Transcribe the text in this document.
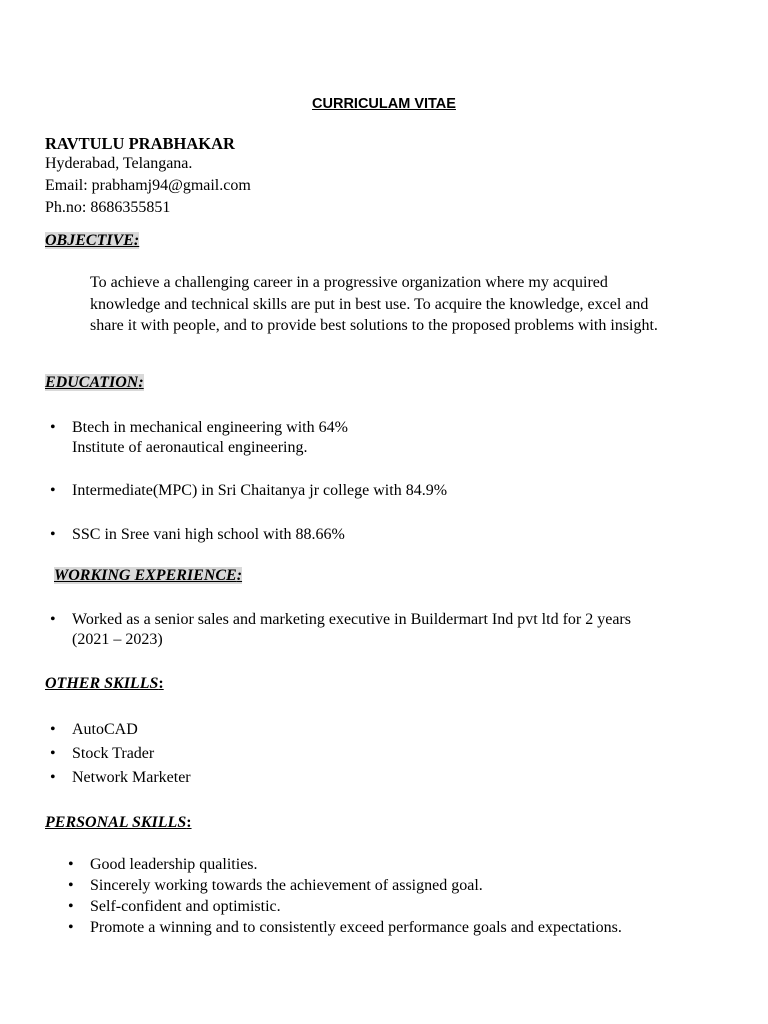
CURRICULAM VITAE
RAVTULU PRABHAKAR
Hyderabad, Telangana.
Email: prabhamj94@gmail.com
Ph.no: 8686355851
OBJECTIVE:
To achieve a challenging career in a progressive organization where my acquired
knowledge and technical skills are put in best use. To acquire the knowledge, excel and
share it with people, and to provide best solutions to the proposed problems with insight.
EDUCATION:
• Btech in mechanical engineering with 64%
Institute of aeronautical engineering.
• Intermediate(MPC) in Sri Chaitanya jr college with 84.9%
• SSC in Sree vani high school with 88.66%
WORKING EXPERIENCE:
• Worked as a senior sales and marketing executive in Buildermart Ind pvt ltd for 2 years
(2021 – 2023)
OTHER SKILLS:
• AutoCAD
• Stock Trader
• Network Marketer
PERSONAL SKILLS:
• Good leadership qualities.
• Sincerely working towards the achievement of assigned goal.
• Self-confident and optimistic.
• Promote a winning and to consistently exceed performance goals and expectations.
